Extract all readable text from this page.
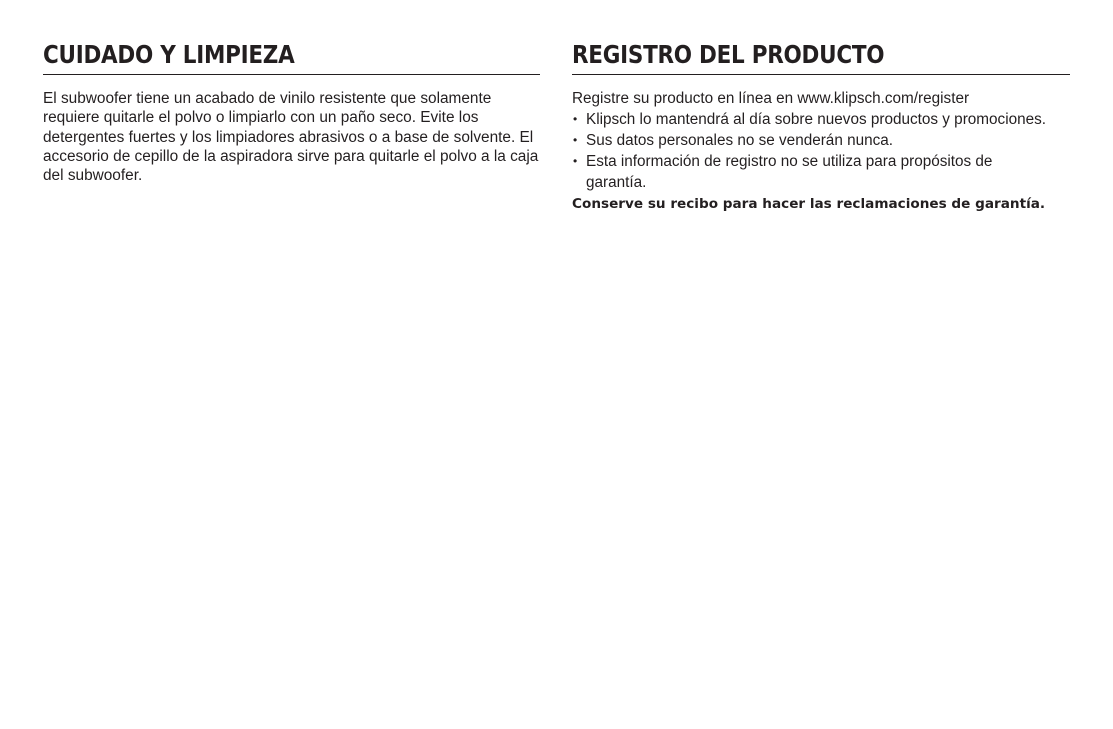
CUIDADO Y LIMPIEZA

El subwoofer tiene un acabado de vinilo resistente que solamente requiere quitarle el polvo o limpiarlo con un paño seco. Evite los detergentes fuertes y los limpiadores abrasivos o a base de solvente. El accesorio de cepillo de la aspiradora sirve para quitarle el polvo a la caja del subwoofer.

REGISTRO DEL PRODUCTO

Registre su producto en línea en www.klipsch.com/register

• Klipsch lo mantendrá al día sobre nuevos productos y promociones.
• Sus datos personales no se venderán nunca.
• Esta información de registro no se utiliza para propósitos de garantía.

Conserve su recibo para hacer las reclamaciones de garantía.
